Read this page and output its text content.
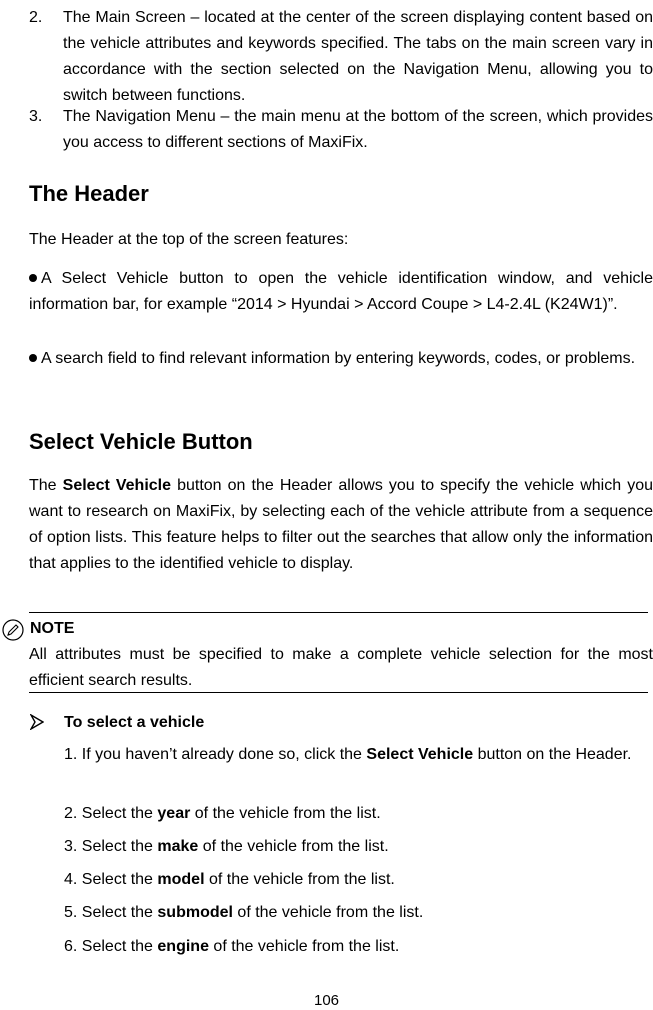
2. The Main Screen – located at the center of the screen displaying content based on the vehicle attributes and keywords specified. The tabs on the main screen vary in accordance with the section selected on the Navigation Menu, allowing you to switch between functions.
3. The Navigation Menu – the main menu at the bottom of the screen, which provides you access to different sections of MaxiFix.
The Header
The Header at the top of the screen features:
A Select Vehicle button to open the vehicle identification window, and vehicle information bar, for example “2014 > Hyundai > Accord Coupe > L4-2.4L (K24W1)”.
A search field to find relevant information by entering keywords, codes, or problems.
Select Vehicle Button
The Select Vehicle button on the Header allows you to specify the vehicle which you want to research on MaxiFix, by selecting each of the vehicle attribute from a sequence of option lists. This feature helps to filter out the searches that allow only the information that applies to the identified vehicle to display.
NOTE
All attributes must be specified to make a complete vehicle selection for the most efficient search results.
To select a vehicle
1. If you haven’t already done so, click the Select Vehicle button on the Header.
2. Select the year of the vehicle from the list.
3. Select the make of the vehicle from the list.
4. Select the model of the vehicle from the list.
5. Select the submodel of the vehicle from the list.
6. Select the engine of the vehicle from the list.
106
